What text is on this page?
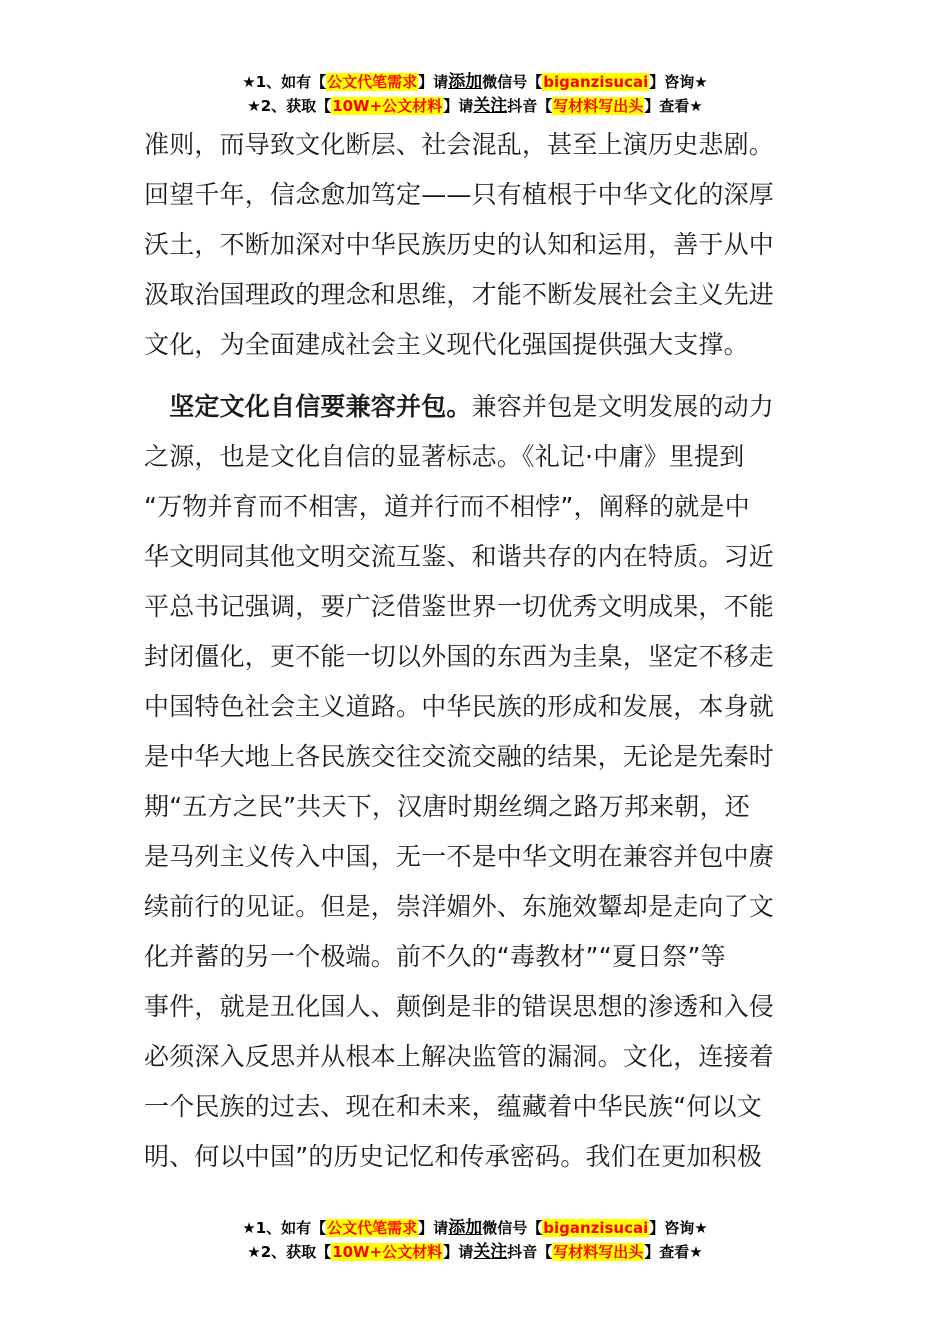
★1、如有【公文代笔需求】请添加微信号【biganzisucai】咨询★
★2、获取【10W+公文材料】请关注抖音【写材料写出头】查看★
准则，而导致文化断层、社会混乱，甚至上演历史悲剧。
回望千年，信念愈加笃定——只有植根于中华文化的深厚
沃土，不断加深对中华民族历史的认知和运用，善于从中
汲取治国理政的理念和思维，才能不断发展社会主义先进
文化，为全面建成社会主义现代化强国提供强大支撑。
　坚定文化自信要兼容并包。兼容并包是文明发展的动力
之源，也是文化自信的显著标志。《礼记·中庸》里提到
“万物并育而不相害，道并行而不相悖”，阐释的就是中
华文明同其他文明交流互鉴、和谐共存的内在特质。习近
平总书记强调，要广泛借鉴世界一切优秀文明成果，不能
封闭僵化，更不能一切以外国的东西为圭臬，坚定不移走
中国特色社会主义道路。中华民族的形成和发展，本身就
是中华大地上各民族交往交流交融的结果，无论是先秦时
期“五方之民”共天下，汉唐时期丝绸之路万邦来朝，还
是马列主义传入中国，无一不是中华文明在兼容并包中赓
续前行的见证。但是，崇洋媚外、东施效颦却是走向了文
化并蓄的另一个极端。前不久的“毒教材”“夏日祭”等
事件，就是丑化国人、颠倒是非的错误思想的渗透和入侵
必须深入反思并从根本上解决监管的漏洞。文化，连接着
一个民族的过去、现在和未来，蕴藏着中华民族“何以文
明、何以中国”的历史记忆和传承密码。我们在更加积极
★1、如有【公文代笔需求】请添加微信号【biganzisucai】咨询★
★2、获取【10W+公文材料】请关注抖音【写材料写出头】查看★
